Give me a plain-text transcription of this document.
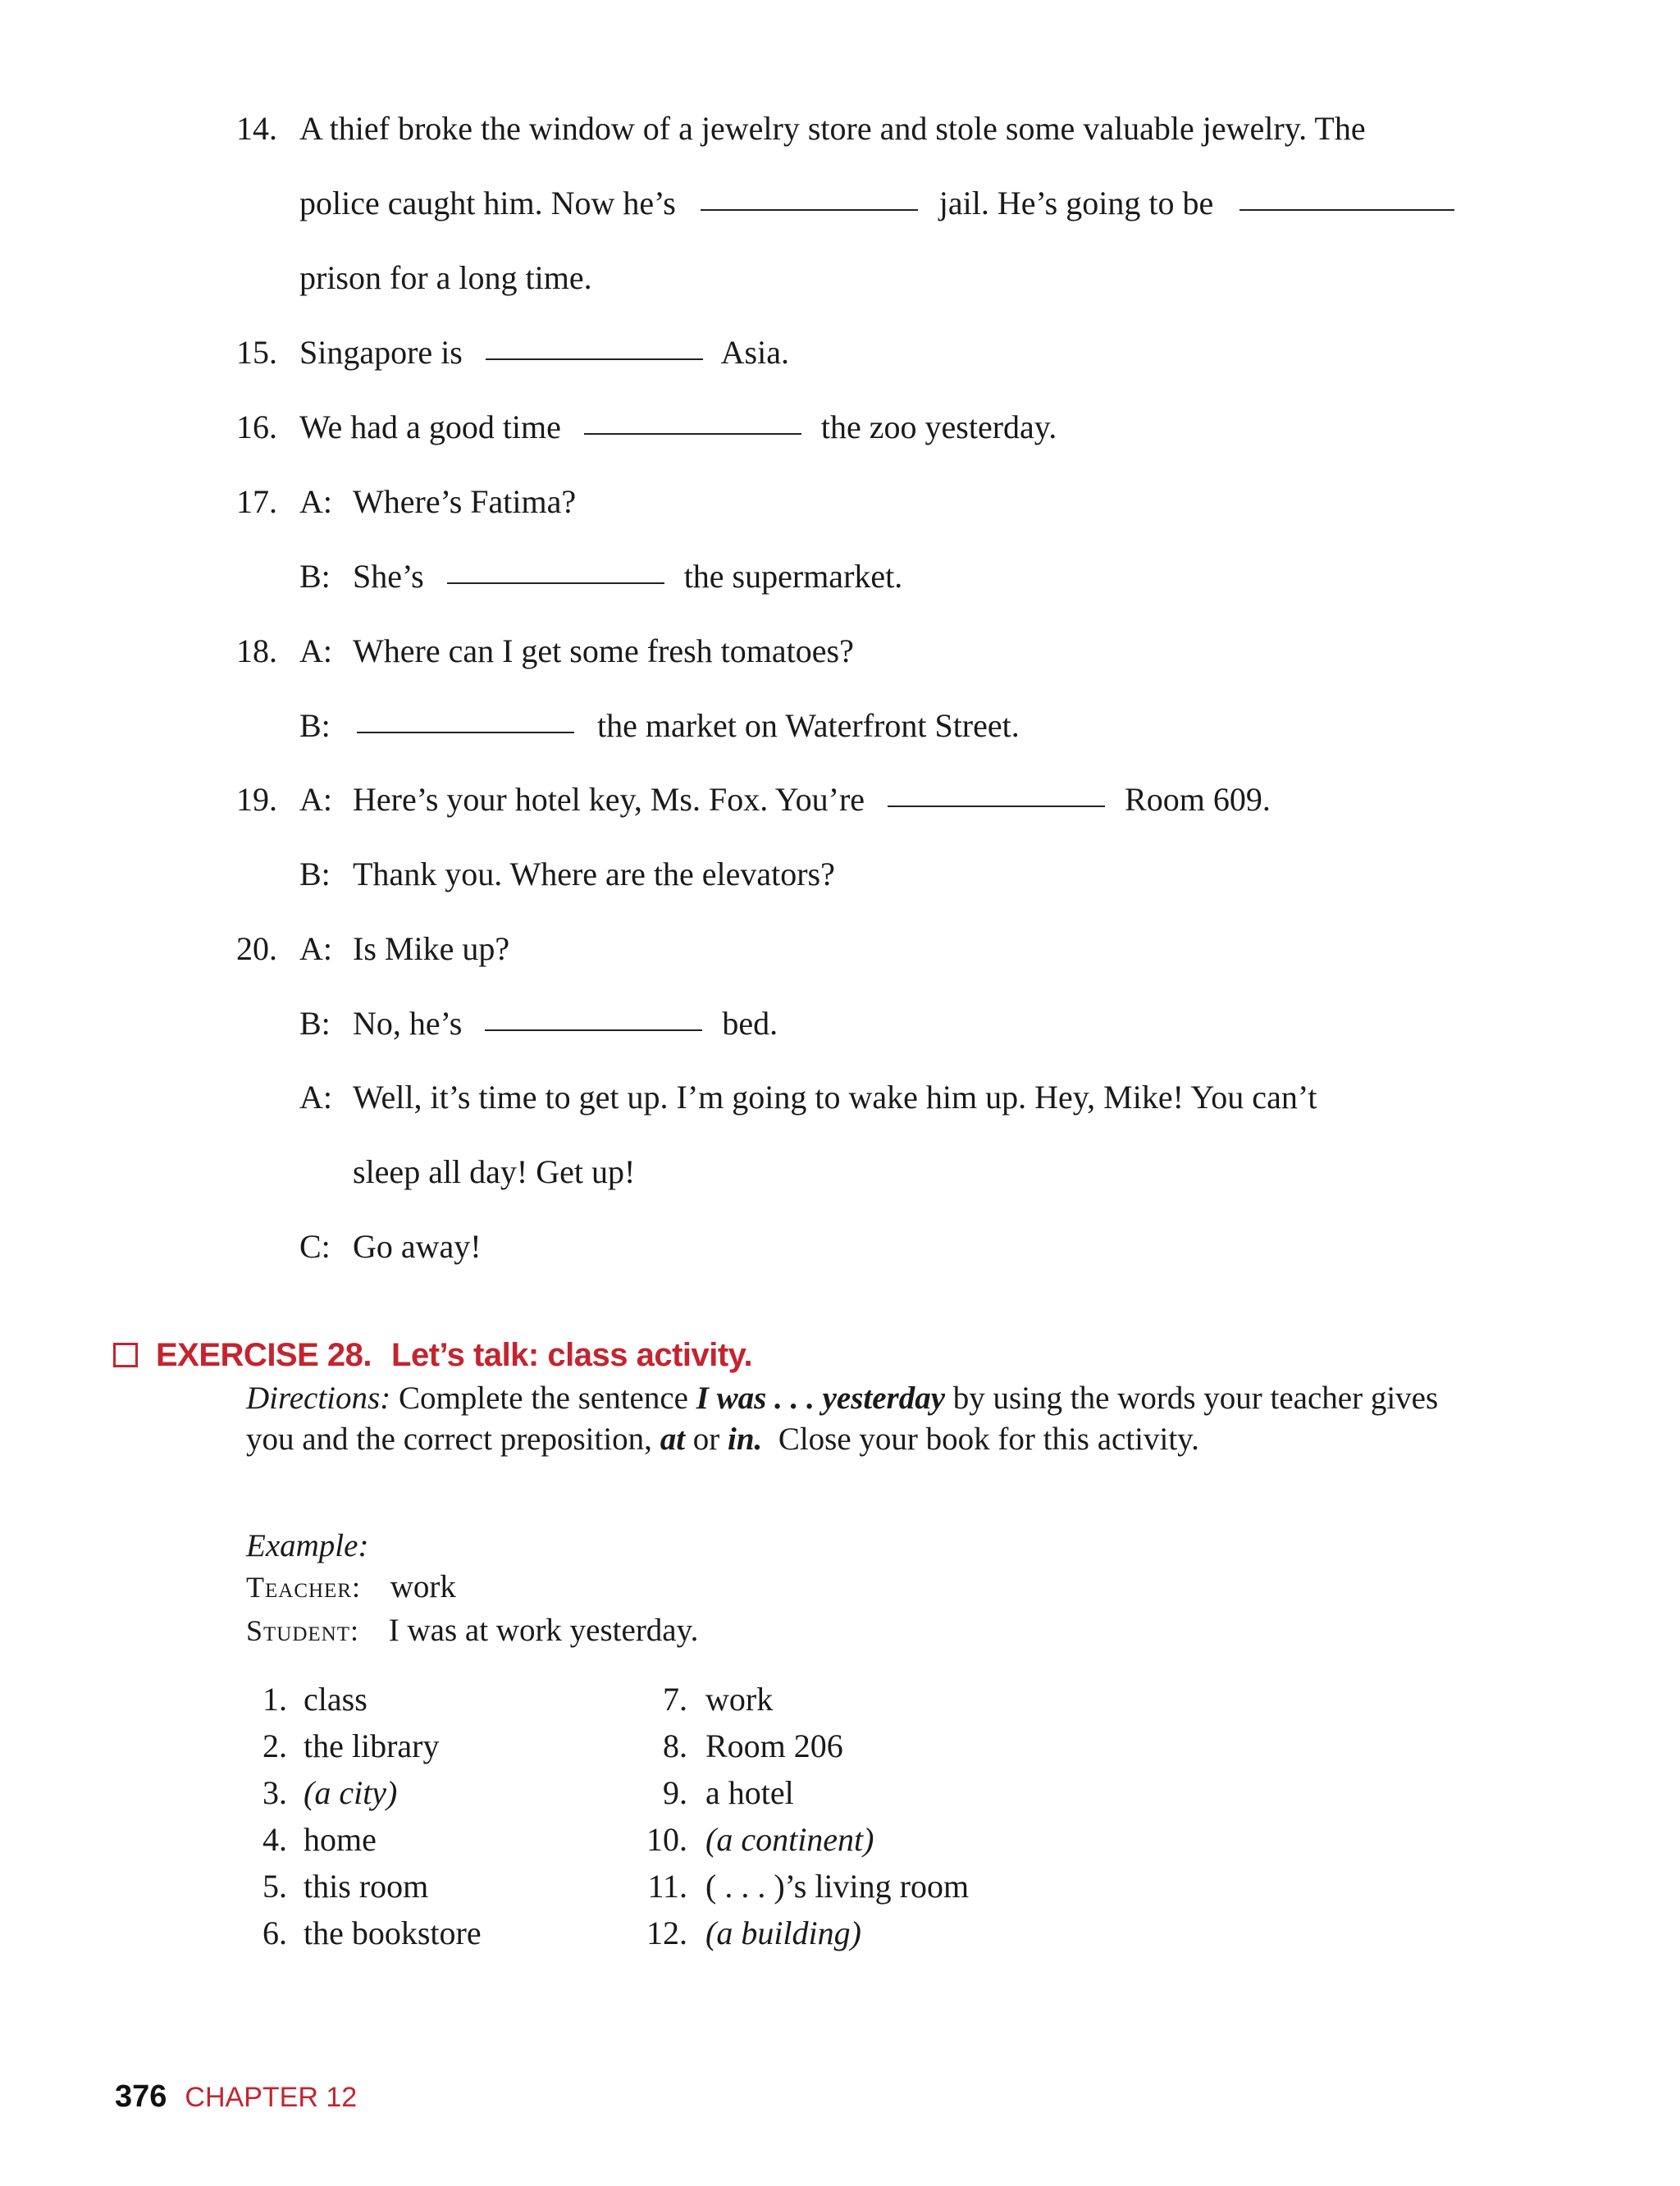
14. A thief broke the window of a jewelry store and stole some valuable jewelry. The
police caught him. Now he’s	jail. He’s going to be
prison for a long time.
15. Singapore is	Asia.
16. We had a good time	the zoo yesterday.
17. A: Where’s Fatima?
B: She’s	the supermarket.
18. A: Where can I get some fresh tomatoes?
B:	the market on Waterfront Street.
19. A: Here’s your hotel key, Ms. Fox. You’re	Room 609.
B: Thank you. Where are the elevators?
20. A: Is Mike up?
B: No, he’s	bed.
A: Well, it’s time to get up. I’m going to wake him up. Hey, Mike! You can’t
sleep all day! Get up!
C: Go away!
EXERCISE 28. Let’s talk: class activity.
Directions: Complete the sentence I was . . . yesterday by using the words your teacher gives you and the correct preposition, at or in. Close your book for this activity.
Example:
Teacher: work
Student: I was at work yesterday.
1. class
2. the library
3. (a city)
4. home
5. this room
6. the bookstore
7. work
8. Room 206
9. a hotel
10. (a continent)
11. ( . . . )’s living room
12. (a building)
376 CHAPTER 12
